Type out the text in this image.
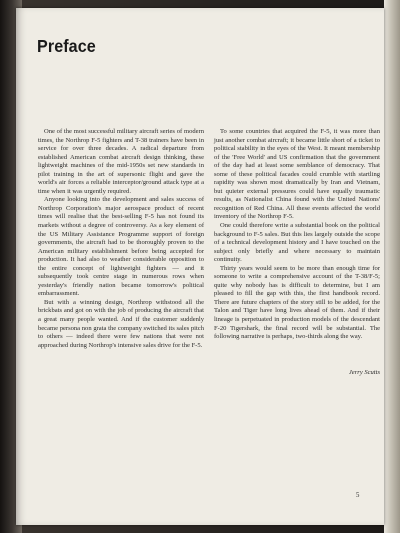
Preface

One of the most successful military aircraft series of modern times, the Northrop F-5 fighters and T-38 trainers have been in service for over three decades. A radical departure from established American combat aircraft design thinking, these lightweight machines of the mid-1950s set new standards in pilot training in the art of supersonic flight and gave the world's air forces a reliable interceptor/ground attack type at a time when it was urgently required.

Anyone looking into the development and sales success of Northrop Corporation's major aerospace product of recent times will realise that the best-selling F-5 has not found its markets without a degree of controversy. As a key element of the US Military Assistance Programme support of foreign governments, the aircraft had to be thoroughly proven to the American military establishment before being accepted for production. It had also to weather considerable opposition to the entire concept of lightweight fighters — and it subsequently took centre stage in numerous rows when yesterday's friendly nation became tomorrow's political embarrassment.

But with a winning design, Northrop withstood all the brickbats and got on with the job of producing the aircraft that a great many people wanted. And if the customer suddenly became persona non grata the company switched its sales pitch to others — indeed there were few nations that were not approached during Northrop's intensive sales drive for the F-5.

To some countries that acquired the F-5, it was more than just another combat aircraft; it became little short of a ticket to political stability in the eyes of the West. It meant membership of the 'Free World' and US confirmation that the government of the day had at least some semblance of democracy. That some of these political facades could crumble with startling rapidity was shown most dramatically by Iran and Vietnam, but quieter external pressures could have equally traumatic results, as Nationalist China found with the United Nations' recognition of Red China. All these events affected the world inventory of the Northrop F-5.

One could therefore write a substantial book on the political background to F-5 sales. But this lies largely outside the scope of a technical development history and I have touched on the subject only briefly and where necessary to maintain continuity.

Thirty years would seem to be more than enough time for someone to write a comprehensive account of the T-38/F-5; quite why nobody has is difficult to determine, but I am pleased to fill the gap with this, the first handbook record. There are future chapters of the story still to be added, for the Talon and Tiger have long lives ahead of them. And if their lineage is perpetuated in production models of the descendant F-20 Tigershark, the final record will be substantial. The following narrative is perhaps, two-thirds along the way.

Jerry Scutts
5
